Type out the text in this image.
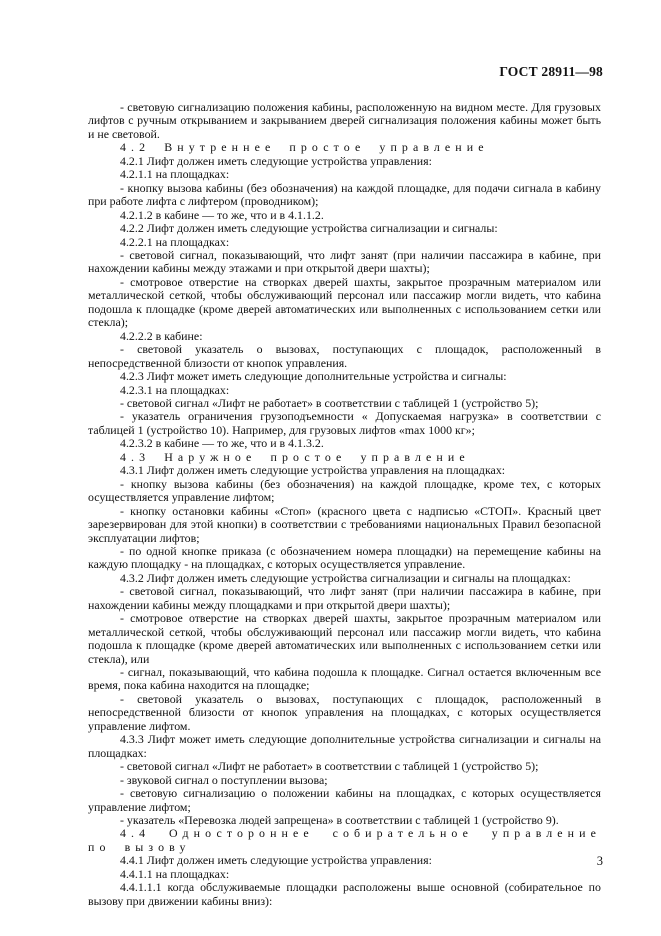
ГОСТ 28911—98

- световую сигнализацию положения кабины, расположенную на видном месте. Для грузовых лифтов с ручным открыванием и закрыванием дверей сигнализация положения кабины может быть и не световой.

4.2 Внутреннее простое управление

4.2.1 Лифт должен иметь следующие устройства управления:

4.2.1.1 на площадках:

- кнопку вызова кабины (без обозначения) на каждой площадке, для подачи сигнала в кабину при работе лифта с лифтером (проводником);

4.2.1.2 в кабине — то же, что и в 4.1.1.2.

4.2.2 Лифт должен иметь следующие устройства сигнализации и сигналы:

4.2.2.1 на площадках:

- световой сигнал, показывающий, что лифт занят (при наличии пассажира в кабине, при нахождении кабины между этажами и при открытой двери шахты);

- смотровое отверстие на створках дверей шахты, закрытое прозрачным материалом или металлической сеткой, чтобы обслуживающий персонал или пассажир могли видеть, что кабина подошла к площадке (кроме дверей автоматических или выполненных с использованием сетки или стекла);

4.2.2.2 в кабине:

- световой указатель о вызовах, поступающих с площадок, расположенный в непосредственной близости от кнопок управления.

4.2.3 Лифт может иметь следующие дополнительные устройства и сигналы:

4.2.3.1 на площадках:

- световой сигнал «Лифт не работает» в соответствии с таблицей 1 (устройство 5);

- указатель ограничения грузоподъемности « Допускаемая нагрузка» в соответствии с таблицей 1 (устройство 10). Например, для грузовых лифтов «max 1000 кг»;

4.2.3.2 в кабине — то же, что и в 4.1.3.2.

4.3 Наружное простое управление

4.3.1 Лифт должен иметь следующие устройства управления на площадках:

- кнопку вызова кабины (без обозначения) на каждой площадке, кроме тех, с которых осуществляется управление лифтом;

- кнопку остановки кабины «Стоп» (красного цвета с надписью «СТОП». Красный цвет зарезервирован для этой кнопки) в соответствии с требованиями национальных Правил безопасной эксплуатации лифтов;

- по одной кнопке приказа (с обозначением номера площадки) на перемещение кабины на каждую площадку - на площадках, с которых осуществляется управление.

4.3.2 Лифт должен иметь следующие устройства сигнализации и сигналы на площадках:

- световой сигнал, показывающий, что лифт занят (при наличии пассажира в кабине, при нахождении кабины между площадками и при открытой двери шахты);

- смотровое отверстие на створках дверей шахты, закрытое прозрачным материалом или металлической сеткой, чтобы обслуживающий персонал или пассажир могли видеть, что кабина подошла к площадке (кроме дверей автоматических или выполненных с использованием сетки или стекла), или

- сигнал, показывающий, что кабина подошла к площадке. Сигнал остается включенным все время, пока кабина находится на площадке;

- световой указатель о вызовах, поступающих с площадок, расположенный в непосредственной близости от кнопок управления на площадках, с которых осуществляется управление лифтом.

4.3.3 Лифт может иметь следующие дополнительные устройства сигнализации и сигналы на площадках:

- световой сигнал «Лифт не работает» в соответствии с таблицей 1 (устройство 5);

- звуковой сигнал о поступлении вызова;

- световую сигнализацию о положении кабины на площадках, с которых осуществляется управление лифтом;

- указатель «Перевозка людей запрещена» в соответствии с таблицей 1 (устройство 9).

4.4 Одностороннее собирательное управление по вызову

4.4.1 Лифт должен иметь следующие устройства управления:

4.4.1.1 на площадках:

4.4.1.1.1 когда обслуживаемые площадки расположены выше основной (собирательное по вызову при движении кабины вниз):

3
